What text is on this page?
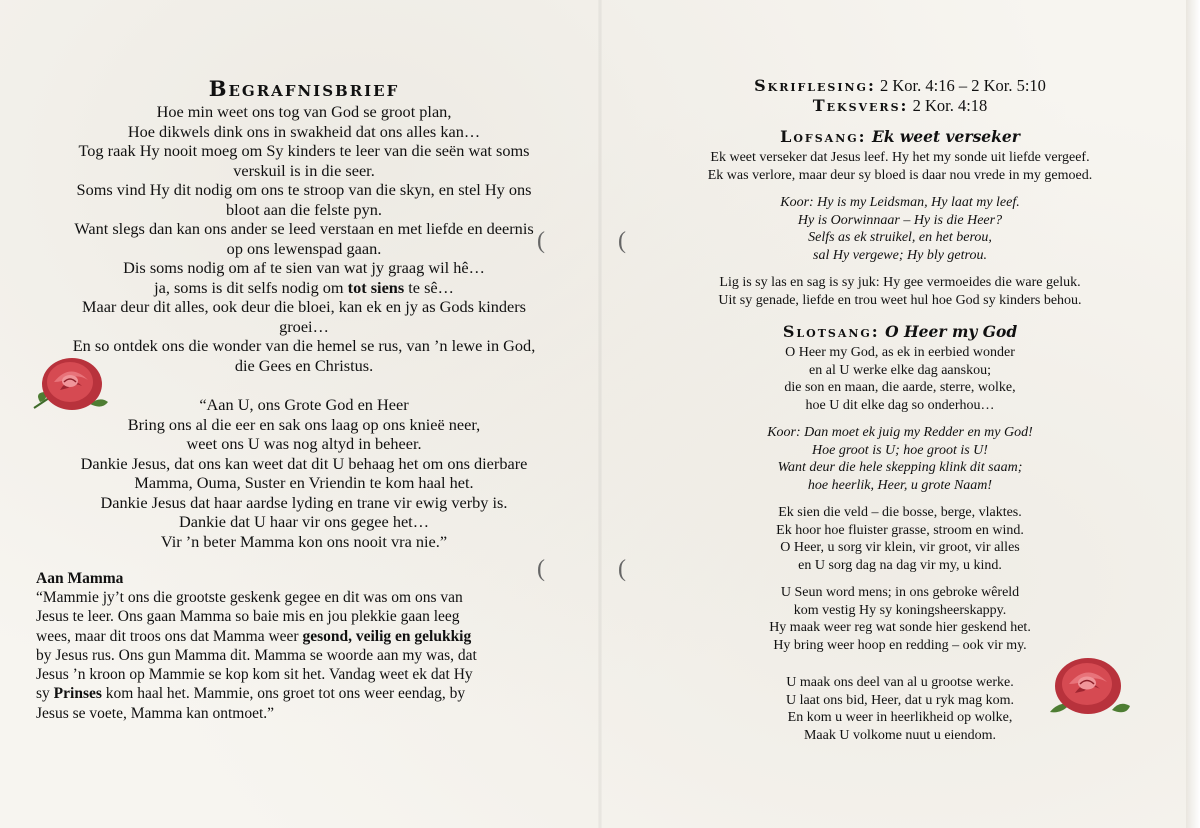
(	(
(	(
Begrafnisbrief
Hoe min weet ons tog van God se groot plan,
Hoe dikwels dink ons in swakheid dat ons alles kan…
Tog raak Hy nooit moeg om Sy kinders te leer van die seën wat soms
verskuil is in die seer.
Soms vind Hy dit nodig om ons te stroop van die skyn, en stel Hy ons
bloot aan die felste pyn.
Want slegs dan kan ons ander se leed verstaan en met liefde en deernis
op ons lewenspad gaan.
Dis soms nodig om af te sien van wat jy graag wil hê…
ja, soms is dit selfs nodig om tot siens te sê…
Maar deur dit alles, ook deur die bloei, kan ek en jy as Gods kinders
groei…
En so ontdek ons die wonder van die hemel se rus, van ’n lewe in God,
die Gees en Christus.
“Aan U, ons Grote God en Heer
Bring ons al die eer en sak ons laag op ons knieë neer,
weet ons U was nog altyd in beheer.
Dankie Jesus, dat ons kan weet dat dit U behaag het om ons dierbare
Mamma, Ouma, Suster en Vriendin te kom haal het.
Dankie Jesus dat haar aardse lyding en trane vir ewig verby is.
Dankie dat U haar vir ons gegee het…
Vir ’n beter Mamma kon ons nooit vra nie.”
Aan Mamma
“Mammie jy’t ons die grootste geskenk gegee en dit was om ons van
Jesus te leer. Ons gaan Mamma so baie mis en jou plekkie gaan leeg
wees, maar dit troos ons dat Mamma weer gesond, veilig en gelukkig
by Jesus rus. Ons gun Mamma dit. Mamma se woorde aan my was, dat
Jesus ’n kroon op Mammie se kop kom sit het. Vandag weet ek dat Hy
sy Prinses kom haal het. Mammie, ons groet tot ons weer eendag, by
Jesus se voete, Mamma kan ontmoet.”
Skriflesing: 2 Kor. 4:16 – 2 Kor. 5:10
Teksvers: 2 Kor. 4:18
Lofsang: Ek weet verseker
Ek weet verseker dat Jesus leef. Hy het my sonde uit liefde vergeef.
Ek was verlore, maar deur sy bloed is daar nou vrede in my gemoed.
Koor: Hy is my Leidsman, Hy laat my leef.
Hy is Oorwinnaar – Hy is die Heer?
Selfs as ek struikel, en het berou,
sal Hy vergewe; Hy bly getrou.
Lig is sy las en sag is sy juk: Hy gee vermoeides die ware geluk.
Uit sy genade, liefde en trou weet hul hoe God sy kinders behou.
Slotsang: O Heer my God
O Heer my God, as ek in eerbied wonder
en al U werke elke dag aanskou;
die son en maan, die aarde, sterre, wolke,
hoe U dit elke dag so onderhou…
Koor: Dan moet ek juig my Redder en my God!
Hoe groot is U; hoe groot is U!
Want deur die hele skepping klink dit saam;
hoe heerlik, Heer, u grote Naam!
Ek sien die veld – die bosse, berge, vlaktes.
Ek hoor hoe fluister grasse, stroom en wind.
O Heer, u sorg vir klein, vir groot, vir alles
en U sorg dag na dag vir my, u kind.
U Seun word mens; in ons gebroke wêreld
kom vestig Hy sy koningsheerskappy.
Hy maak weer reg wat sonde hier geskend het.
Hy bring weer hoop en redding – ook vir my.
U maak ons deel van al u grootse werke.
U laat ons bid, Heer, dat u ryk mag kom.
En kom u weer in heerlikheid op wolke,
Maak U volkome nuut u eiendom.
